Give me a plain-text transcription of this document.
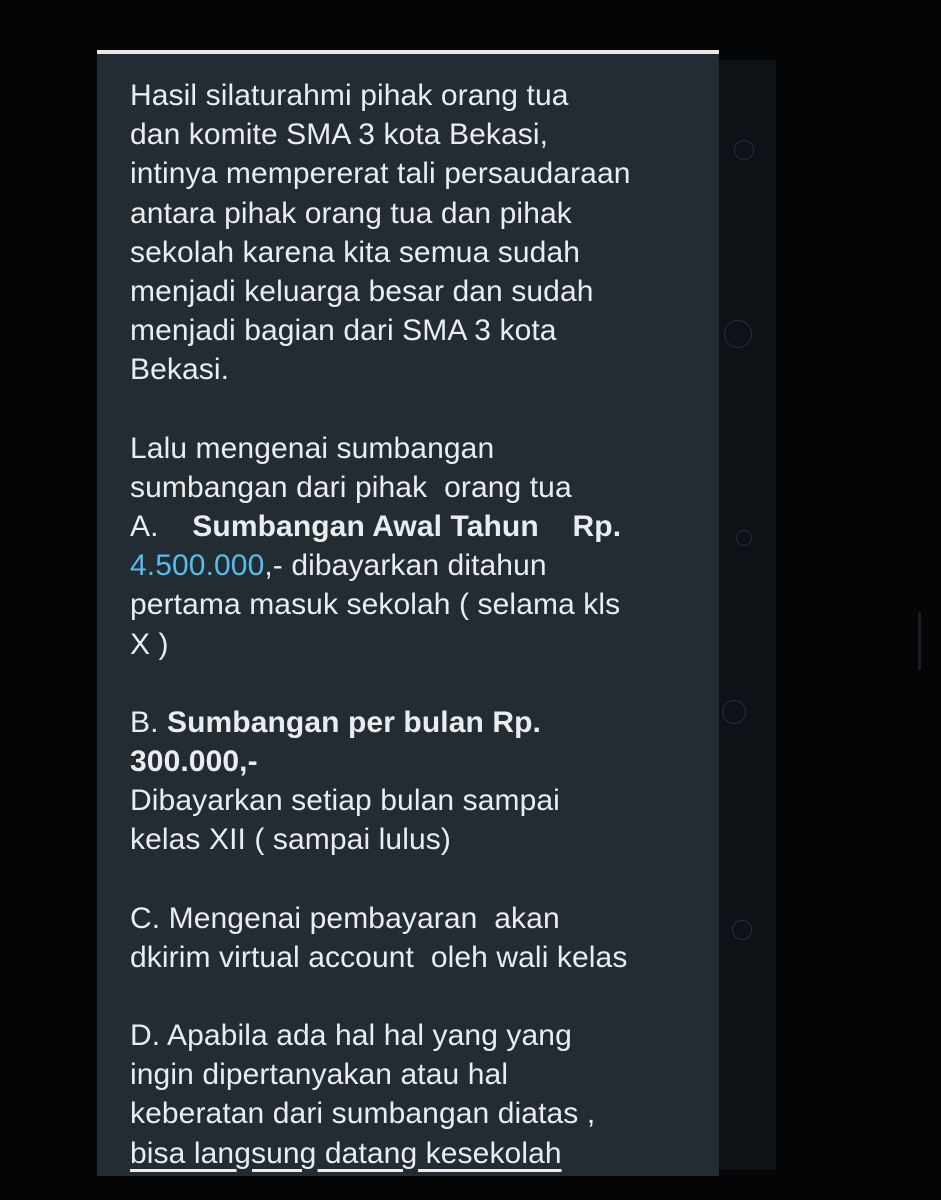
Hasil silaturahmi pihak orang tua
dan komite SMA 3 kota Bekasi,
intinya mempererat tali persaudaraan
antara pihak orang tua dan pihak
sekolah karena kita semua sudah
menjadi keluarga besar dan sudah
menjadi bagian dari SMA 3 kota
Bekasi.
Lalu mengenai sumbangan
sumbangan dari pihak  orang tua
A.    Sumbangan Awal Tahun    Rp.
4.500.000,- dibayarkan ditahun
pertama masuk sekolah ( selama kls
X )
B. Sumbangan per bulan Rp.
300.000,-
Dibayarkan setiap bulan sampai
kelas XII ( sampai lulus)
C. Mengenai pembayaran  akan
dkirim virtual account  oleh wali kelas
D. Apabila ada hal hal yang yang
ingin dipertanyakan atau hal
keberatan dari sumbangan diatas ,
bisa langsung datang kesekolah
